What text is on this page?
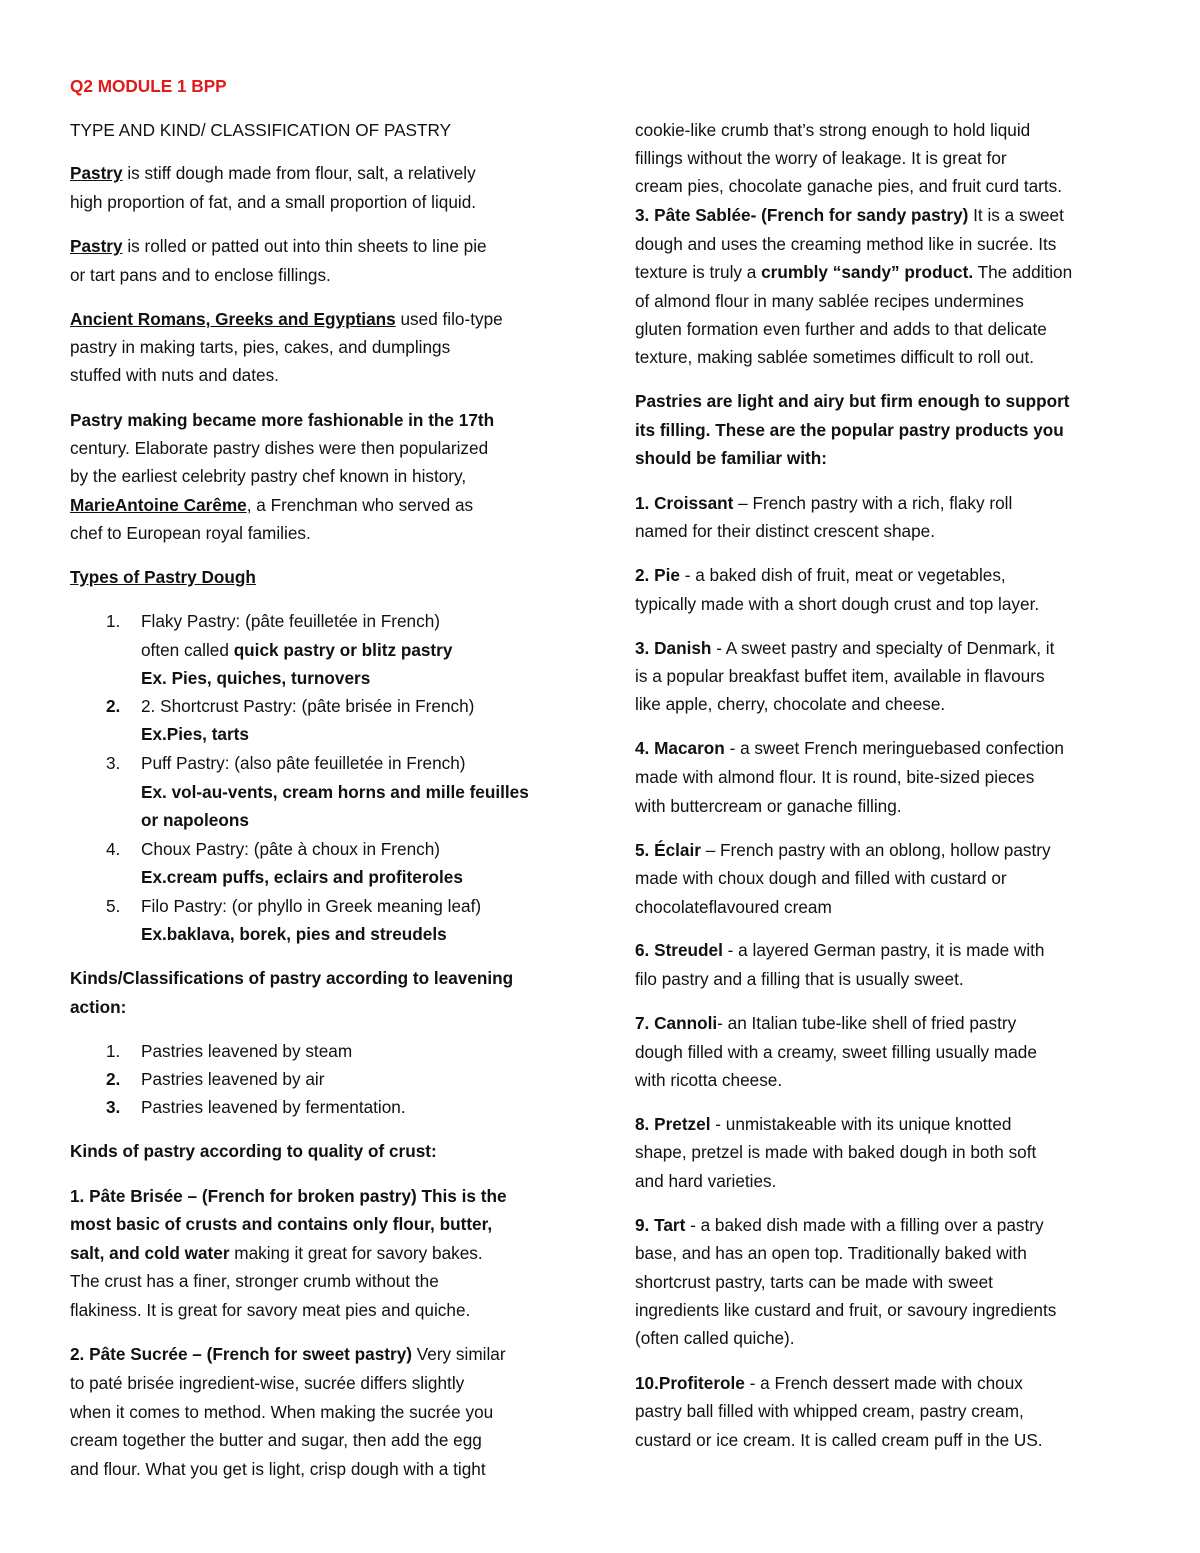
Q2 MODULE 1 BPP
TYPE AND KIND/ CLASSIFICATION OF PASTRY
Pastry is stiff dough made from flour, salt, a relatively
high proportion of fat, and a small proportion of liquid.
Pastry is rolled or patted out into thin sheets to line pie
or tart pans and to enclose fillings.
Ancient Romans, Greeks and Egyptians used filo-type
pastry in making tarts, pies, cakes, and dumplings
stuffed with nuts and dates.
Pastry making became more fashionable in the 17th
century. Elaborate pastry dishes were then popularized
by the earliest celebrity pastry chef known in history,
MarieAntoine Carême, a Frenchman who served as
chef to European royal families.
Types of Pastry Dough
1. Flaky Pastry: (pâte feuilletée in French)
often called quick pastry or blitz pastry
Ex. Pies, quiches, turnovers
2. 2. Shortcrust Pastry: (pâte brisée in French)
Ex.Pies, tarts
3. Puff Pastry: (also pâte feuilletée in French)
Ex. vol-au-vents, cream horns and mille feuilles
or napoleons
4. Choux Pastry: (pâte à choux in French)
Ex.cream puffs, eclairs and profiteroles
5. Filo Pastry: (or phyllo in Greek meaning leaf)
Ex.baklava, borek, pies and streudels
Kinds/Classifications of pastry according to leavening
action:
1. Pastries leavened by steam
2. Pastries leavened by air
3. Pastries leavened by fermentation.
Kinds of pastry according to quality of crust:
1. Pâte Brisée – (French for broken pastry) This is the
most basic of crusts and contains only flour, butter,
salt, and cold water making it great for savory bakes.
The crust has a finer, stronger crumb without the
flakiness. It is great for savory meat pies and quiche.
2. Pâte Sucrée – (French for sweet pastry) Very similar
to paté brisée ingredient-wise, sucrée differs slightly
when it comes to method. When making the sucrée you
cream together the butter and sugar, then add the egg
and flour. What you get is light, crisp dough with a tight
cookie-like crumb that’s strong enough to hold liquid
fillings without the worry of leakage. It is great for
cream pies, chocolate ganache pies, and fruit curd tarts.
3. Pâte Sablée- (French for sandy pastry) It is a sweet
dough and uses the creaming method like in sucrée. Its
texture is truly a crumbly “sandy” product. The addition
of almond flour in many sablée recipes undermines
gluten formation even further and adds to that delicate
texture, making sablée sometimes difficult to roll out.
Pastries are light and airy but firm enough to support
its filling. These are the popular pastry products you
should be familiar with:
1. Croissant – French pastry with a rich, flaky roll
named for their distinct crescent shape.
2. Pie - a baked dish of fruit, meat or vegetables,
typically made with a short dough crust and top layer.
3. Danish - A sweet pastry and specialty of Denmark, it
is a popular breakfast buffet item, available in flavours
like apple, cherry, chocolate and cheese.
4. Macaron - a sweet French meringuebased confection
made with almond flour. It is round, bite-sized pieces
with buttercream or ganache filling.
5. Éclair – French pastry with an oblong, hollow pastry
made with choux dough and filled with custard or
chocolateflavoured cream
6. Streudel - a layered German pastry, it is made with
filo pastry and a filling that is usually sweet.
7. Cannoli- an Italian tube-like shell of fried pastry
dough filled with a creamy, sweet filling usually made
with ricotta cheese.
8. Pretzel - unmistakeable with its unique knotted
shape, pretzel is made with baked dough in both soft
and hard varieties.
9. Tart - a baked dish made with a filling over a pastry
base, and has an open top. Traditionally baked with
shortcrust pastry, tarts can be made with sweet
ingredients like custard and fruit, or savoury ingredients
(often called quiche).
10.Profiterole - a French dessert made with choux
pastry ball filled with whipped cream, pastry cream,
custard or ice cream. It is called cream puff in the US.
